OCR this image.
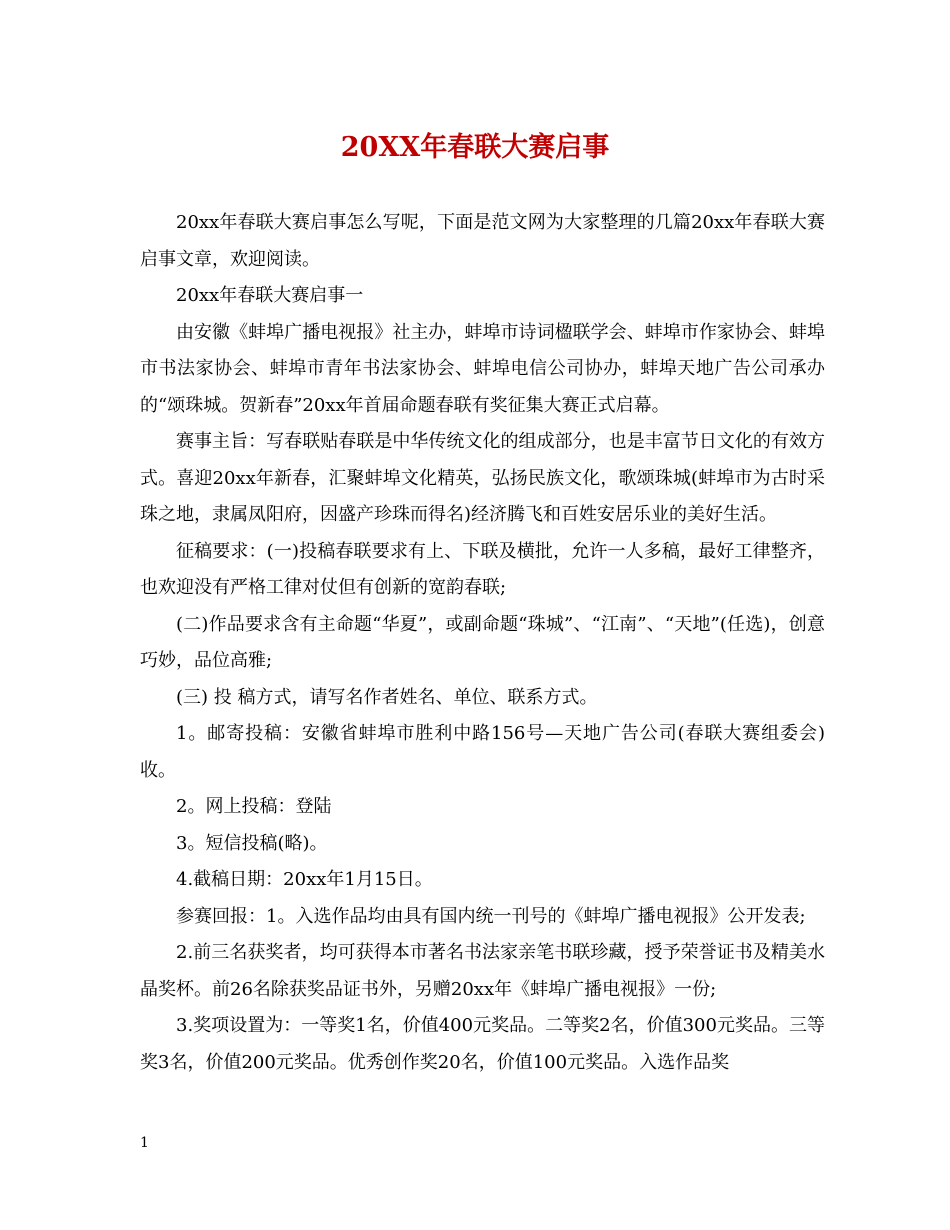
20XX年春联大赛启事

20xx年春联大赛启事怎么写呢，下面是范文网为大家整理的几篇20xx年春联大赛启事文章，欢迎阅读。

20xx年春联大赛启事一

由安徽《蚌埠广播电视报》社主办，蚌埠市诗词楹联学会、蚌埠市作家协会、蚌埠市书法家协会、蚌埠市青年书法家协会、蚌埠电信公司协办，蚌埠天地广告公司承办的“颂珠城。贺新春”20xx年首届命题春联有奖征集大赛正式启幕。

赛事主旨：写春联贴春联是中华传统文化的组成部分，也是丰富节日文化的有效方式。喜迎20xx年新春，汇聚蚌埠文化精英，弘扬民族文化，歌颂珠城(蚌埠市为古时采珠之地，隶属凤阳府，因盛产珍珠而得名)经济腾飞和百姓安居乐业的美好生活。

征稿要求：(一)投稿春联要求有上、下联及横批，允许一人多稿，最好工律整齐，也欢迎没有严格工律对仗但有创新的宽韵春联;

(二)作品要求含有主命题“华夏”，或副命题“珠城”、“江南”、“天地”(任选)，创意巧妙，品位高雅;

(三) 投 稿方式，请写名作者姓名、单位、联系方式。

1。邮寄投稿：安徽省蚌埠市胜利中路156号—天地广告公司(春联大赛组委会)收。

2。网上投稿：登陆

3。短信投稿(略)。

4.截稿日期：20xx年1月15日。

参赛回报：1。入选作品均由具有国内统一刊号的《蚌埠广播电视报》公开发表;

2.前三名获奖者，均可获得本市著名书法家亲笔书联珍藏，授予荣誉证书及精美水晶奖杯。前26名除获奖品证书外，另赠20xx年《蚌埠广播电视报》一份;

3.奖项设置为：一等奖1名，价值400元奖品。二等奖2名，价值300元奖品。三等奖3名，价值200元奖品。优秀创作奖20名，价值100元奖品。入选作品奖

1
